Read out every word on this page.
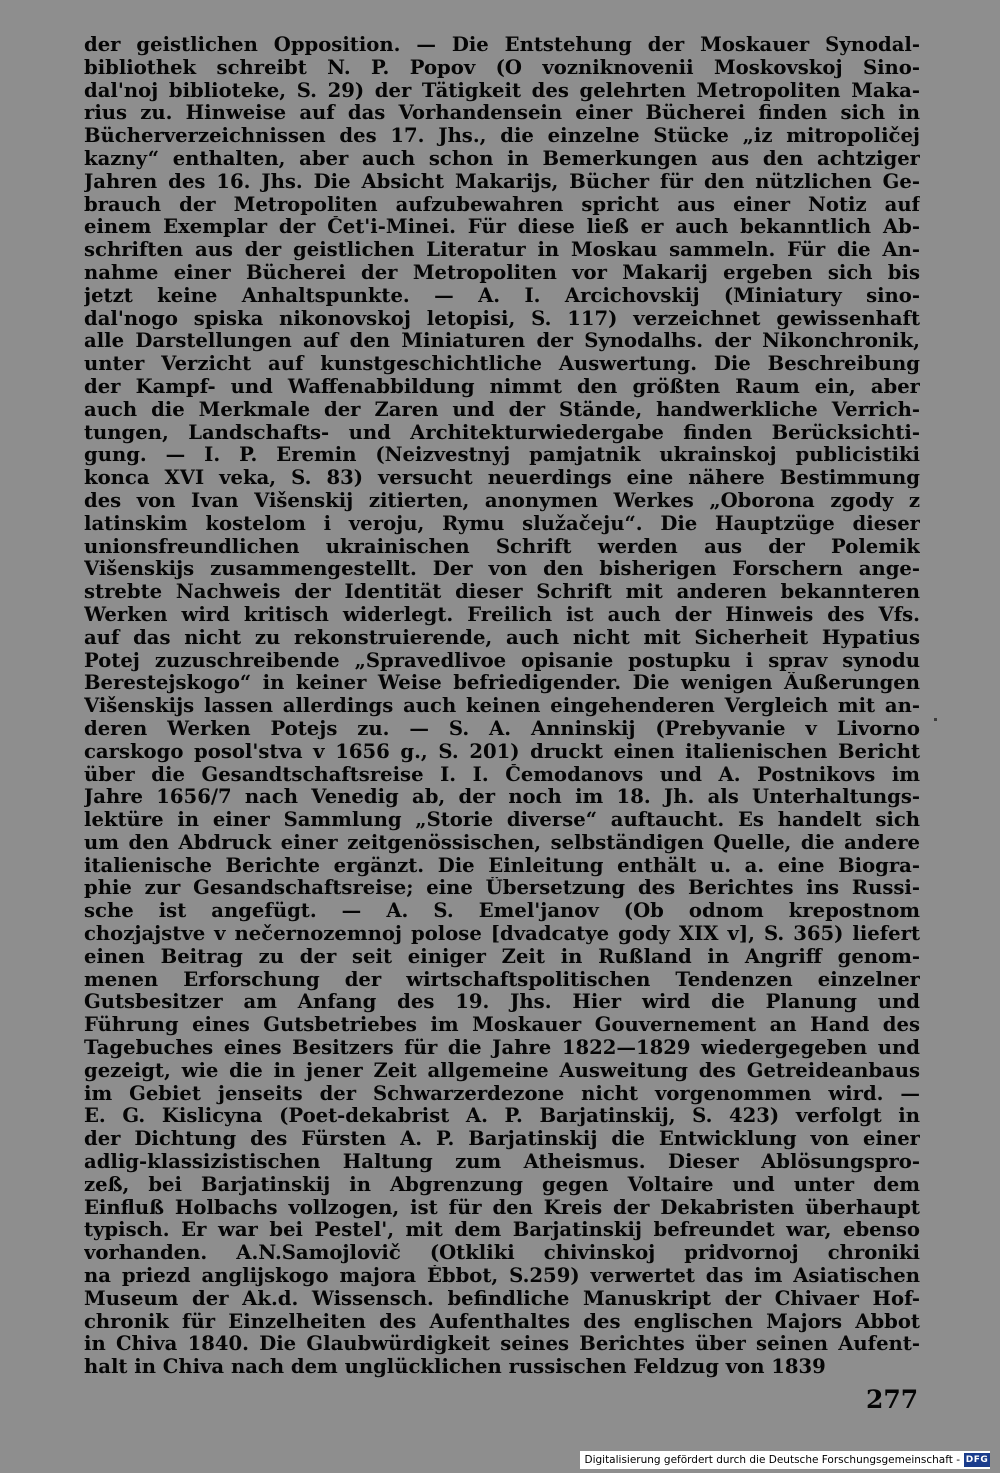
der geistlichen Opposition. — Die Entstehung der Moskauer Synodal-
bibliothek schreibt N. P. Popov (O vozniknovenii Moskovskoj Sino-
dal'noj biblioteke, S. 29) der Tätigkeit des gelehrten Metropoliten Maka-
rius zu. Hinweise auf das Vorhandensein einer Bücherei finden sich in
Bücherverzeichnissen des 17. Jhs., die einzelne Stücke „iz mitropoličej
kazny“ enthalten, aber auch schon in Bemerkungen aus den achtziger
Jahren des 16. Jhs. Die Absicht Makarijs, Bücher für den nützlichen Ge-
brauch der Metropoliten aufzubewahren spricht aus einer Notiz auf
einem Exemplar der Čet'i-Minei. Für diese ließ er auch bekanntlich Ab-
schriften aus der geistlichen Literatur in Moskau sammeln. Für die An-
nahme einer Bücherei der Metropoliten vor Makarij ergeben sich bis
jetzt keine Anhaltspunkte. — A. I. Arcichovskij (Miniatury sino-
dal'nogo spiska nikonovskoj letopisi, S. 117) verzeichnet gewissenhaft
alle Darstellungen auf den Miniaturen der Synodalhs. der Nikonchronik,
unter Verzicht auf kunstgeschichtliche Auswertung. Die Beschreibung
der Kampf- und Waffenabbildung nimmt den größten Raum ein, aber
auch die Merkmale der Zaren und der Stände, handwerkliche Verrich-
tungen, Landschafts- und Architekturwiedergabe finden Berücksichti-
gung. — I. P. Eremin (Neizvestnyj pamjatnik ukrainskoj publicistiki
konca XVI veka, S. 83) versucht neuerdings eine nähere Bestimmung
des von Ivan Višenskij zitierten, anonymen Werkes „Oborona zgody z
latinskim kostelom i veroju, Rymu služačeju“. Die Hauptzüge dieser
unionsfreundlichen ukrainischen Schrift werden aus der Polemik
Višenskijs zusammengestellt. Der von den bisherigen Forschern ange-
strebte Nachweis der Identität dieser Schrift mit anderen bekannteren
Werken wird kritisch widerlegt. Freilich ist auch der Hinweis des Vfs.
auf das nicht zu rekonstruierende, auch nicht mit Sicherheit Hypatius
Potej zuzuschreibende „Spravedlivoe opisanie postupku i sprav synodu
Berestejskogo“ in keiner Weise befriedigender. Die wenigen Äußerungen
Višenskijs lassen allerdings auch keinen eingehenderen Vergleich mit an-
deren Werken Potejs zu. — S. A. Anninskij (Prebyvanie v Livorno
carskogo posol'stva v 1656 g., S. 201) druckt einen italienischen Bericht
über die Gesandtschaftsreise I. I. Čemodanovs und A. Postnikovs im
Jahre 1656/7 nach Venedig ab, der noch im 18. Jh. als Unterhaltungs-
lektüre in einer Sammlung „Storie diverse“ auftaucht. Es handelt sich
um den Abdruck einer zeitgenössischen, selbständigen Quelle, die andere
italienische Berichte ergänzt. Die Einleitung enthält u. a. eine Biogra-
phie zur Gesandschaftsreise; eine Übersetzung des Berichtes ins Russi-
sche ist angefügt. — A. S. Emel'janov (Ob odnom krepostnom
chozjajstve v nečernozemnoj polose [dvadcatye gody XIX v], S. 365) liefert
einen Beitrag zu der seit einiger Zeit in Rußland in Angriff genom-
menen Erforschung der wirtschaftspolitischen Tendenzen einzelner
Gutsbesitzer am Anfang des 19. Jhs. Hier wird die Planung und
Führung eines Gutsbetriebes im Moskauer Gouvernement an Hand des
Tagebuches eines Besitzers für die Jahre 1822—1829 wiedergegeben und
gezeigt, wie die in jener Zeit allgemeine Ausweitung des Getreideanbaus
im Gebiet jenseits der Schwarzerdezone nicht vorgenommen wird. —
E. G. Kislicyna (Poet-dekabrist A. P. Barjatinskij, S. 423) verfolgt in
der Dichtung des Fürsten A. P. Barjatinskij die Entwicklung von einer
adlig-klassizistischen Haltung zum Atheismus. Dieser Ablösungspro-
zeß, bei Barjatinskij in Abgrenzung gegen Voltaire und unter dem
Einfluß Holbachs vollzogen, ist für den Kreis der Dekabristen überhaupt
typisch. Er war bei Pestel', mit dem Barjatinskij befreundet war, ebenso
vorhanden. A.N.Samojlovič (Otkliki chivinskoj pridvornoj chroniki
na priezd anglijskogo majora Ėbbot, S.259) verwertet das im Asiatischen
Museum der Ak.d. Wissensch. befindliche Manuskript der Chivaer Hof-
chronik für Einzelheiten des Aufenthaltes des englischen Majors Abbot
in Chiva 1840. Die Glaubwürdigkeit seines Berichtes über seinen Aufent-
halt in Chiva nach dem unglücklichen russischen Feldzug von 1839
277
Digitalisierung gefördert durch die Deutsche Forschungsgemeinschaft - DFG
